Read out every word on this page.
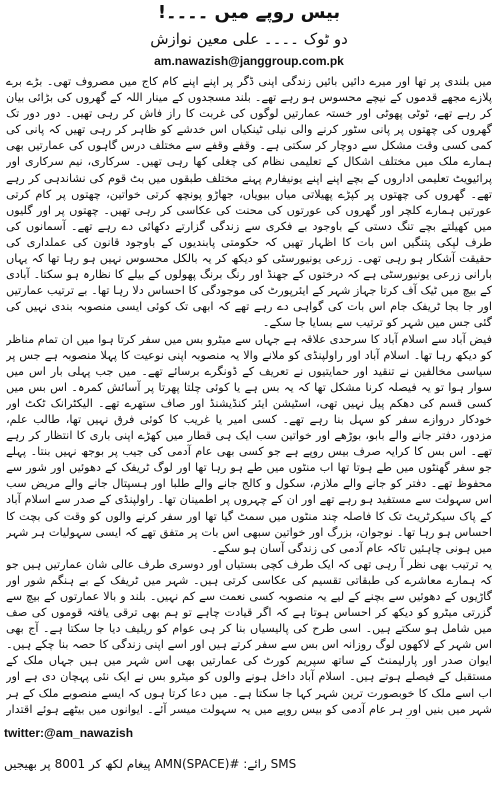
بیس روپے میں ۔۔۔۔!
دو ٹوک ۔۔۔۔ علی معین نوازش
am.nawazish@janggroup.com.pk

میں بلندی پر تھا اور میرے دائیں بائیں زندگی اپنی ڈگر پر اپنے اپنے کام کاج میں مصروف تھی۔ بڑے برے پلازے مجھے قدموں کے نیچے محسوس ہو رہے تھے۔ بلند مسجدوں کے مینار اللہ کے گھروں کی بڑائی بیان کر رہے تھے، ٹوٹی پھوٹی اور خستہ عمارتیں لوگوں کی غربت کا راز فاش کر رہی تھیں۔ دور دور تک گھروں کی چھتوں پر پانی سٹور کرنے والی نیلی ٹینکیاں اس خدشے کو ظاہر کر رہی تھیں کہ پانی کی کمی کسی وقت مشکل سے دوچار کر سکتی ہے۔ وقفے وقفے سے مختلف درس گاہوں کی عمارتیں بھی ہمارے ملک میں مختلف اشکال کے تعلیمی نظام کی چغلی کھا رہی تھیں۔ سرکاری، نیم سرکاری اور پرائیویٹ تعلیمی اداروں کے بچے اپنے اپنے یونیفارم پہنے مختلف طبقوں میں بٹ قوم کی نشاندہی کر رہے تھے۔ گھروں کی چھتوں پر کپڑے پھیلاتی میاں بیویاں، جھاڑو پونچھ کرتی خواتین، چھتوں پر کام کرتی عورتیں ہمارے کلچر اور گھروں کی عورتوں کی محنت کی عکاسی کر رہی تھیں۔ چھتوں پر اور گلیوں میں کھیلتے بچے تنگ دستی کے باوجود بے فکری سے زندگی گزارتے دکھائی دے رہے تھے۔ آسمانوں کی طرف لپکی پتنگیں اس بات کا اظہار تھیں کہ حکومتی پابندیوں کے باوجود قانون کی عملداری کی حقیقت آشکار ہو رہی تھی۔ زرعی یونیورسٹی کو دیکھ کر یہ بالکل محسوس نہیں ہو رہا تھا کہ یہاں بارانی زرعی یونیورسٹی ہے کہ درختوں کے جھنڈ اور رنگ برنگ پھولوں کے بیلے کا نظارہ ہو سکتا۔ آبادی کے بیچ میں ٹیک آف کرتا جہاز شہر کے ایئرپورٹ کی موجودگی کا احساس دلا رہا تھا۔ بے ترتیب عمارتیں اور جا بجا ٹریفک جام اس بات کی گواہی دے رہے تھے کہ ابھی تک کوئی ایسی منصوبہ بندی نہیں کی گئی جس میں شہر کو ترتیب سے بسایا جا سکے۔

فیض آباد سے اسلام آباد کا سرحدی علاقہ ہے جہاں سے میٹرو بس میں سفر کرتا ہوا میں ان تمام مناظر کو دیکھ رہا تھا۔ اسلام آباد اور راولپنڈی کو ملانے والا یہ منصوبہ اپنی نوعیت کا پہلا منصوبہ ہے جس پر سیاسی مخالفین نے تنقید اور حمایتیوں نے تعریف کے ڈونگرے برسائے تھے۔ میں جب پہلی بار اس میں سوار ہوا تو یہ فیصلہ کرنا مشکل تھا کہ یہ بس ہے یا کوئی چلتا پھرتا پر آسائش کمرہ۔ اس بس میں کسی قسم کی دھکم پیل نہیں تھی، اسٹیشن ایئر کنڈیشنڈ اور صاف ستھرے تھے۔ الیکٹرانک ٹکٹ اور خودکار دروازے سفر کو سہل بنا رہے تھے۔ کسی امیر یا غریب کا کوئی فرق نہیں تھا، طالب علم، مزدور، دفتر جانے والے بابو، بوڑھے اور خواتین سب ایک ہی قطار میں کھڑے اپنی باری کا انتظار کر رہے تھے۔ اس بس کا کرایہ صرف بیس روپے ہے جو کسی بھی عام آدمی کی جیب پر بوجھ نہیں بنتا۔ پہلے جو سفر گھنٹوں میں طے ہوتا تھا اب منٹوں میں طے ہو رہا تھا اور لوگ ٹریفک کے دھوئیں اور شور سے محفوظ تھے۔ دفتر کو جانے والے ملازم، سکول و کالج جانے والے طلبا اور ہسپتال جانے والے مریض سب اس سہولت سے مستفید ہو رہے تھے اور ان کے چہروں پر اطمینان تھا۔ راولپنڈی کے صدر سے اسلام آباد کے پاک سیکرٹریٹ تک کا فاصلہ چند منٹوں میں سمٹ گیا تھا اور سفر کرنے والوں کو وقت کی بچت کا احساس ہو رہا تھا۔ نوجوان، بزرگ اور خواتین سبھی اس بات پر متفق تھے کہ ایسی سہولیات ہر شہر میں ہونی چاہئیں تاکہ عام آدمی کی زندگی آسان ہو سکے۔

یہ ترتیب بھی نظر آ رہی تھی کہ ایک طرف کچی بستیاں اور دوسری طرف عالی شان عمارتیں ہیں جو کہ ہمارے معاشرے کی طبقاتی تقسیم کی عکاسی کرتی ہیں۔ شہر میں ٹریفک کے بے ہنگم شور اور گاڑیوں کے دھوئیں سے بچنے کے لیے یہ منصوبہ کسی نعمت سے کم نہیں۔ بلند و بالا عمارتوں کے بیچ سے گزرتی میٹرو کو دیکھ کر احساس ہوتا ہے کہ اگر قیادت چاہے تو ہم بھی ترقی یافتہ قوموں کی صف میں شامل ہو سکتے ہیں۔ اسی طرح کی پالیسیاں بنا کر ہی عوام کو ریلیف دیا جا سکتا ہے۔ آج بھی اس شہر کے لاکھوں لوگ روزانہ اس بس سے سفر کرتے ہیں اور اسے اپنی زندگی کا حصہ بنا چکے ہیں۔ ایوان صدر اور پارلیمنٹ کے ساتھ سپریم کورٹ کی عمارتیں بھی اس شہر میں ہیں جہاں ملک کے مستقبل کے فیصلے ہوتے ہیں۔ اسلام آباد داخل ہونے والوں کو میٹرو بس نے ایک نئی پہچان دی ہے اور اب اسے ملک کا خوبصورت ترین شہر کہا جا سکتا ہے۔ میں دعا کرتا ہوں کہ ایسے منصوبے ملک کے ہر شہر میں بنیں اور ہر عام آدمی کو بیس روپے میں یہ سہولت میسر آئے۔ ایوانوں میں بیٹھے ہوئے اقتدار

twitter:@am_nawazish
SMS رائے: #AMN(SPACE) پیغام لکھ کر 8001 پر بھیجیں
